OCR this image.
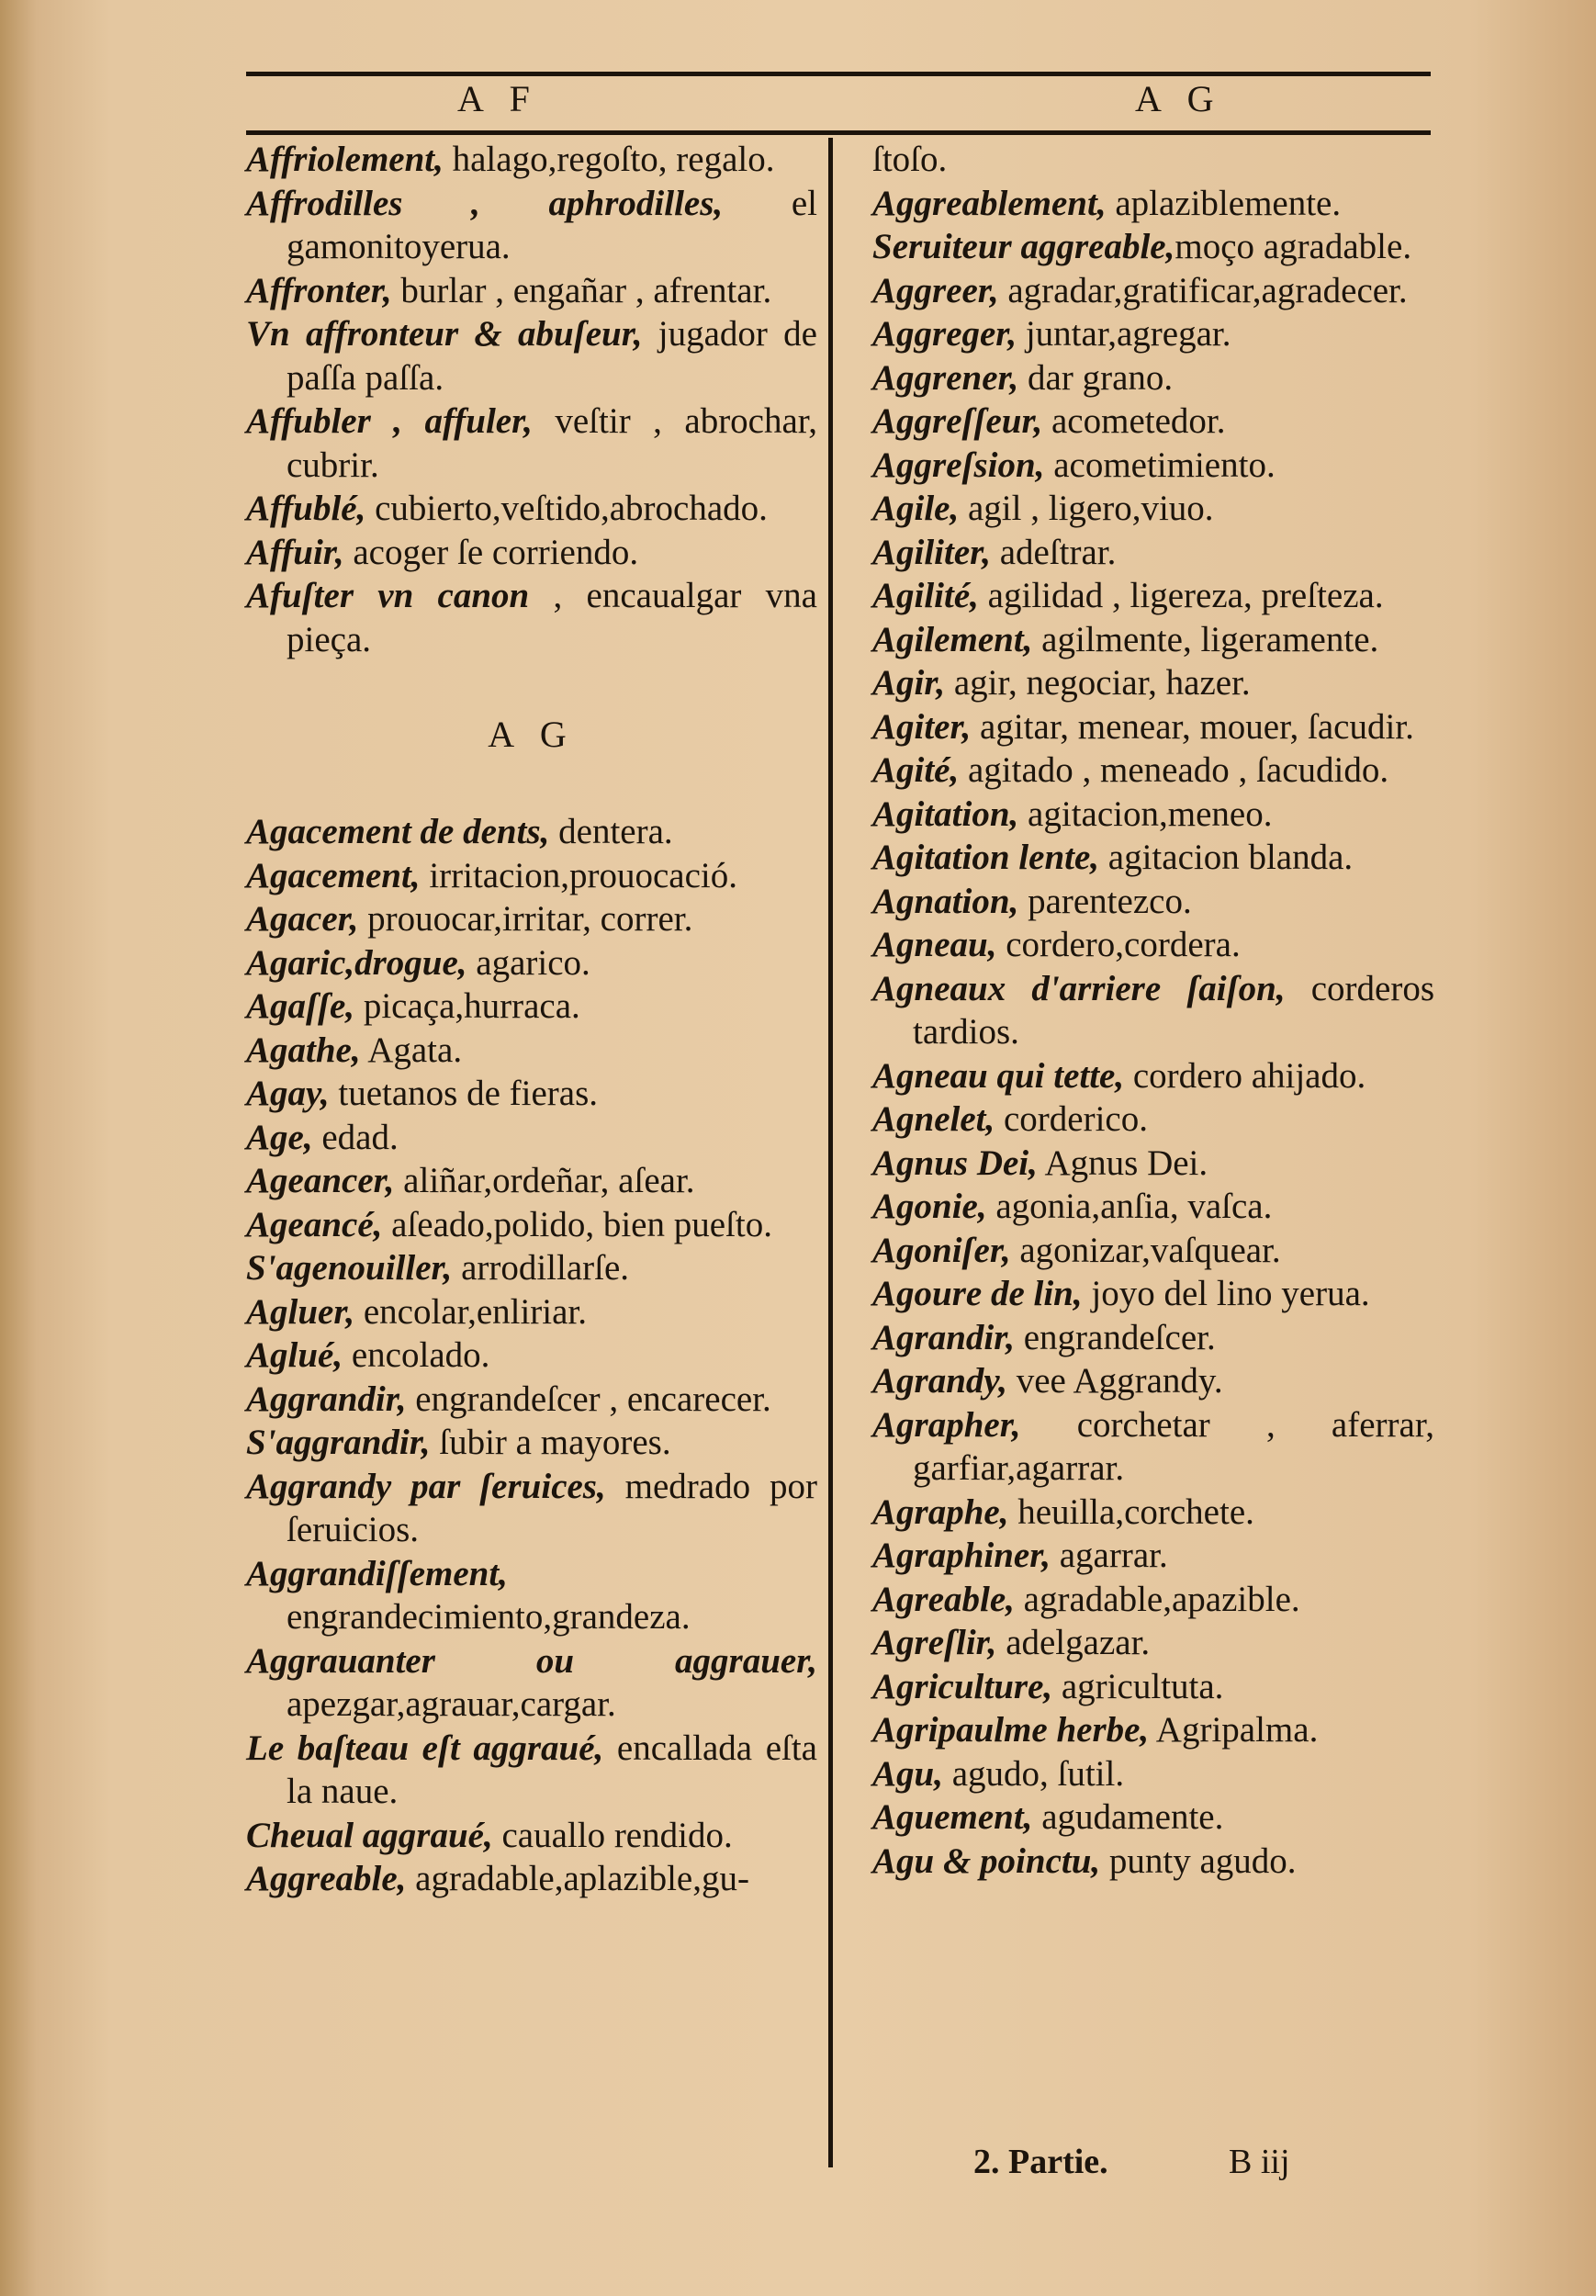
A F	A G

Affriolement, halago,regoſto, regalo.

Affrodilles , aphrodilles, el gamonitoyerua.

Affronter, burlar , engañar , afrentar.

Vn affronteur & abuſeur, jugador de paſſa paſſa.

Affubler , affuler, veſtir , abrochar, cubrir.

Affublé, cubierto,veſtido,abrochado.

Affuir, acoger ſe corriendo.

Afuſter vn canon , encaualgar vna pieça.

A G

Agacement de dents, dentera.

Agacement, irritacion,prouocació.

Agacer, prouocar,irritar, correr.

Agaric,drogue, agarico.

Agaſſe, picaça,hurraca.

Agathe, Agata.

Agay, tuetanos de fieras.

Age, edad.

Ageancer, aliñar,ordeñar, aſear.

Ageancé, aſeado,polido, bien pueſto.

S'agenouiller, arrodillarſe.

Agluer, encolar,enliriar.

Aglué, encolado.

Aggrandir, engrandeſcer , encarecer.

S'aggrandir, ſubir a mayores.

Aggrandy par ſeruices, medrado por ſeruicios.

Aggrandiſſement, engrandecimiento,grandeza.

Aggrauanter ou aggrauer, apezgar,agrauar,cargar.

Le baſteau eſt aggraué, encallada eſta la naue.

Cheual aggraué, cauallo rendido.

Aggreable, agradable,aplazible,gu-

ſtoſo.

Aggreablement, aplaziblemente.

Seruiteur aggreable,moço agradable.

Aggreer, agradar,gratificar,agradecer.

Aggreger, juntar,agregar.

Aggrener, dar grano.

Aggreſſeur, acometedor.

Aggreſsion, acometimiento.

Agile, agil , ligero,viuo.

Agiliter, adeſtrar.

Agilité, agilidad , ligereza, preſteza.

Agilement, agilmente, ligeramente.

Agir, agir, negociar, hazer.

Agiter, agitar, menear, mouer, ſacudir.

Agité, agitado , meneado , ſacudido.

Agitation, agitacion,meneo.

Agitation lente, agitacion blanda.

Agnation, parentezco.

Agneau, cordero,cordera.

Agneaux d'arriere ſaiſon, corderos tardios.

Agneau qui tette, cordero ahijado.

Agnelet, corderico.

Agnus Dei, Agnus Dei.

Agonie, agonia,anſia, vaſca.

Agoniſer, agonizar,vaſquear.

Agoure de lin, joyo del lino yerua.

Agrandir, engrandeſcer.

Agrandy, vee Aggrandy.

Agrapher, corchetar , aferrar, garfiar,agarrar.

Agraphe, heuilla,corchete.

Agraphiner, agarrar.

Agreable, agradable,apazible.

Agreſlir, adelgazar.

Agriculture, agricultuta.

Agripaulme herbe, Agripalma.

Agu, agudo, ſutil.

Aguement, agudamente.

Agu & poinctu, punty agudo.

2. Partie.	B iij
